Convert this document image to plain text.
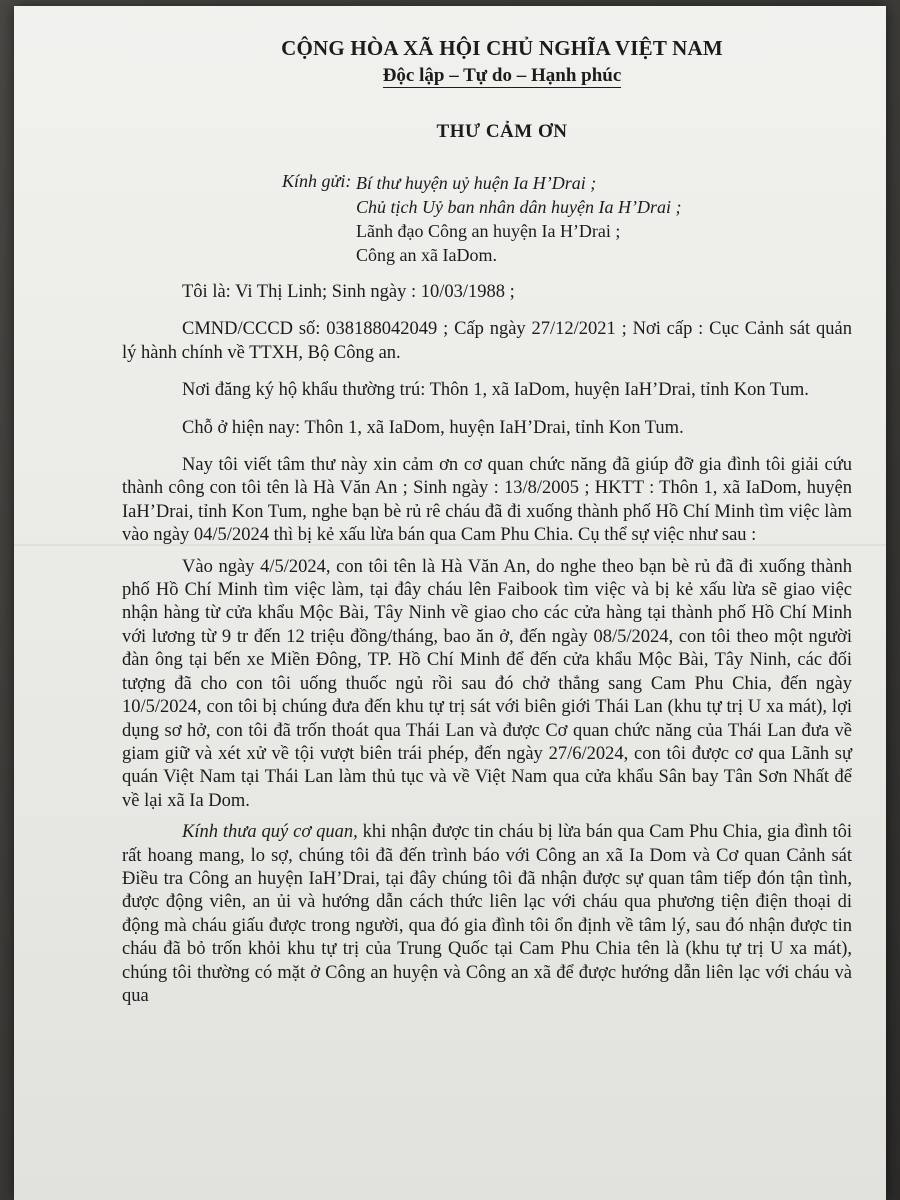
CỘNG HÒA XÃ HỘI CHỦ NGHĨA VIỆT NAM
Độc lập – Tự do – Hạnh phúc
THƯ CẢM ƠN
Kính gửi: Bí thư huyện uỷ huện Ia H’Drai ;
Chủ tịch Uỷ ban nhân dân huyện Ia H’Drai ;
Lãnh đạo Công an huyện Ia H’Drai ;
Công an xã IaDom.

Tôi là: Vi Thị Linh; Sinh ngày : 10/03/1988 ;

CMND/CCCD số: 038188042049 ; Cấp ngày 27/12/2021 ; Nơi cấp : Cục Cảnh sát quản lý hành chính về TTXH, Bộ Công an.

Nơi đăng ký hộ khẩu thường trú: Thôn 1, xã IaDom, huyện IaH’Drai, tỉnh Kon Tum.

Chỗ ở hiện nay: Thôn 1, xã IaDom, huyện IaH’Drai, tỉnh Kon Tum.

Nay tôi viết tâm thư này xin cảm ơn cơ quan chức năng đã giúp đỡ gia đình tôi giải cứu thành công con tôi tên là Hà Văn An ; Sinh ngày : 13/8/2005 ; HKTT : Thôn 1, xã IaDom, huyện IaH’Drai, tỉnh Kon Tum, nghe bạn bè rủ rê cháu đã đi xuống thành phố Hồ Chí Minh tìm việc làm vào ngày 04/5/2024 thì bị kẻ xấu lừa bán qua Cam Phu Chia. Cụ thể sự việc như sau :

Vào ngày 4/5/2024, con tôi tên là Hà Văn An, do nghe theo bạn bè rủ đã đi xuống thành phố Hồ Chí Minh tìm việc làm, tại đây cháu lên Faibook tìm việc và bị kẻ xấu lừa sẽ giao việc nhận hàng từ cửa khẩu Mộc Bài, Tây Ninh về giao cho các cửa hàng tại thành phố Hồ Chí Minh với lương từ 9 tr đến 12 triệu đồng/tháng, bao ăn ở, đến ngày 08/5/2024, con tôi theo một người đàn ông tại bến xe Miền Đông, TP. Hồ Chí Minh để đến cửa khẩu Mộc Bài, Tây Ninh, các đối tượng đã cho con tôi uống thuốc ngủ rồi sau đó chở thẳng sang Cam Phu Chia, đến ngày 10/5/2024, con tôi bị chúng đưa đến khu tự trị sát với biên giới Thái Lan (khu tự trị U xa mát), lợi dụng sơ hở, con tôi đã trốn thoát qua Thái Lan và được Cơ quan chức năng của Thái Lan đưa về giam giữ và xét xử về tội vượt biên trái phép, đến ngày 27/6/2024, con tôi được cơ qua Lãnh sự quán Việt Nam tại Thái Lan làm thủ tục và về Việt Nam qua cửa khẩu Sân bay Tân Sơn Nhất để về lại xã Ia Dom.

Kính thưa quý cơ quan, khi nhận được tin cháu bị lừa bán qua Cam Phu Chia, gia đình tôi rất hoang mang, lo sợ, chúng tôi đã đến trình báo với Công an xã Ia Dom và Cơ quan Cảnh sát Điều tra Công an huyện IaH’Drai, tại đây chúng tôi đã nhận được sự quan tâm tiếp đón tận tình, được động viên, an ủi và hướng dẫn cách thức liên lạc với cháu qua phương tiện điện thoại di động mà cháu giấu được trong người, qua đó gia đình tôi ổn định về tâm lý, sau đó nhận được tin cháu đã bỏ trốn khỏi khu tự trị của Trung Quốc tại Cam Phu Chia tên là (khu tự trị U xa mát), chúng tôi thường có mặt ở Công an huyện và Công an xã để được hướng dẫn liên lạc với cháu và qua
